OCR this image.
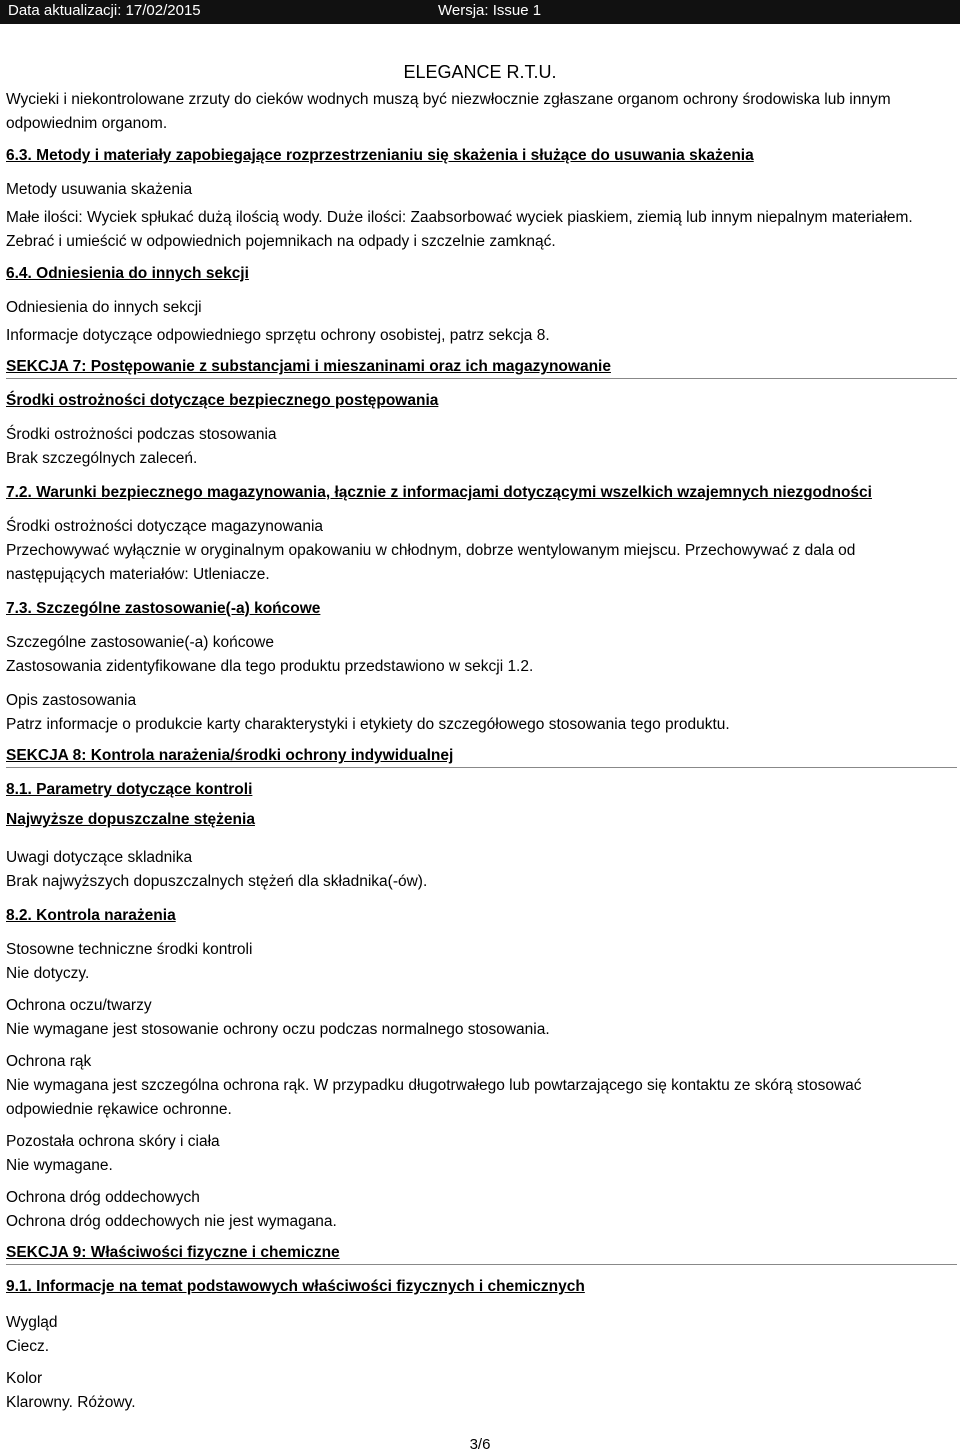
Data aktualizacji: 17/02/2015	Wersja: Issue 1
ELEGANCE R.T.U.

Wycieki i niekontrolowane zrzuty do cieków wodnych muszą być niezwłocznie zgłaszane organom ochrony środowiska lub innym odpowiednim organom.

6.3. Metody i materiały zapobiegające rozprzestrzenianiu się skażenia i służące do usuwania skażenia

Metody usuwania skażenia

Małe ilości: Wyciek spłukać dużą ilością wody. Duże ilości: Zaabsorbować wyciek piaskiem, ziemią lub innym niepalnym materiałem. Zebrać i umieścić w odpowiednich pojemnikach na odpady i szczelnie zamknąć.

6.4. Odniesienia do innych sekcji

Odniesienia do innych sekcji

Informacje dotyczące odpowiedniego sprzętu ochrony osobistej, patrz sekcja 8.

SEKCJA 7: Postępowanie z substancjami i mieszaninami oraz ich magazynowanie
Środki ostrożności dotyczące bezpiecznego postępowania

Środki ostrożności podczas stosowania

Brak szczególnych zaleceń.

7.2. Warunki bezpiecznego magazynowania, łącznie z informacjami dotyczącymi wszelkich wzajemnych niezgodności

Środki ostrożności dotyczące magazynowania

Przechowywać wyłącznie w oryginalnym opakowaniu w chłodnym, dobrze wentylowanym miejscu. Przechowywać z dala od następujących materiałów: Utleniacze.

7.3. Szczególne zastosowanie(-a) końcowe

Szczególne zastosowanie(-a) końcowe

Zastosowania zidentyfikowane dla tego produktu przedstawiono w sekcji 1.2.

Opis zastosowania

Patrz informacje o produkcie karty charakterystyki i etykiety do szczegółowego stosowania tego produktu.

SEKCJA 8: Kontrola narażenia/środki ochrony indywidualnej
8.1. Parametry dotyczące kontroli
Najwyższe dopuszczalne stężenia

Uwagi dotyczące skladnika

Brak najwyższych dopuszczalnych stężeń dla składnika(-ów).

8.2. Kontrola narażenia

Stosowne techniczne środki kontroli

Nie dotyczy.

Ochrona oczu/twarzy

Nie wymagane jest stosowanie ochrony oczu podczas normalnego stosowania.

Ochrona rąk

Nie wymagana jest szczególna ochrona rąk. W przypadku długotrwałego lub powtarzającego się kontaktu ze skórą stosować odpowiednie rękawice ochronne.

Pozostała ochrona skóry i ciała

Nie wymagane.

Ochrona dróg oddechowych

Ochrona dróg oddechowych nie jest wymagana.

SEKCJA 9: Właściwości fizyczne i chemiczne
9.1. Informacje na temat podstawowych właściwości fizycznych i chemicznych

Wygląd

Ciecz.

Kolor

Klarowny. Różowy.

3/6
